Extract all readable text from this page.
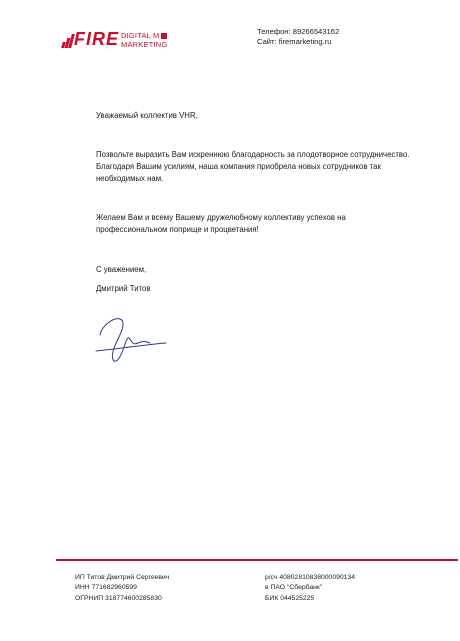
FIRE DIGITAL M
MARKETING
Телефон: 89266543162
Сайт: firemarketing.ru
Уважаемый коллектив VHR,
Позвольте выразить Вам искреннюю благодарность за плодотворное сотрудничество.
Благодаря Вашим усилиям, наша компания приобрела новых сотрудников так
необходимых нам.
Желаем Вам и всему Вашему дружелюбному коллективу успехов на
профессиональном поприще и процветания!
С уважением,
Дмитрий Титов
ИП Титов Дмитрий Сергеевич
ИНН 771682960599
ОГРНИП 318774600285830
р/сч 40802810838000090134
в ПАО "Сбербанк"
БИК 044525225
